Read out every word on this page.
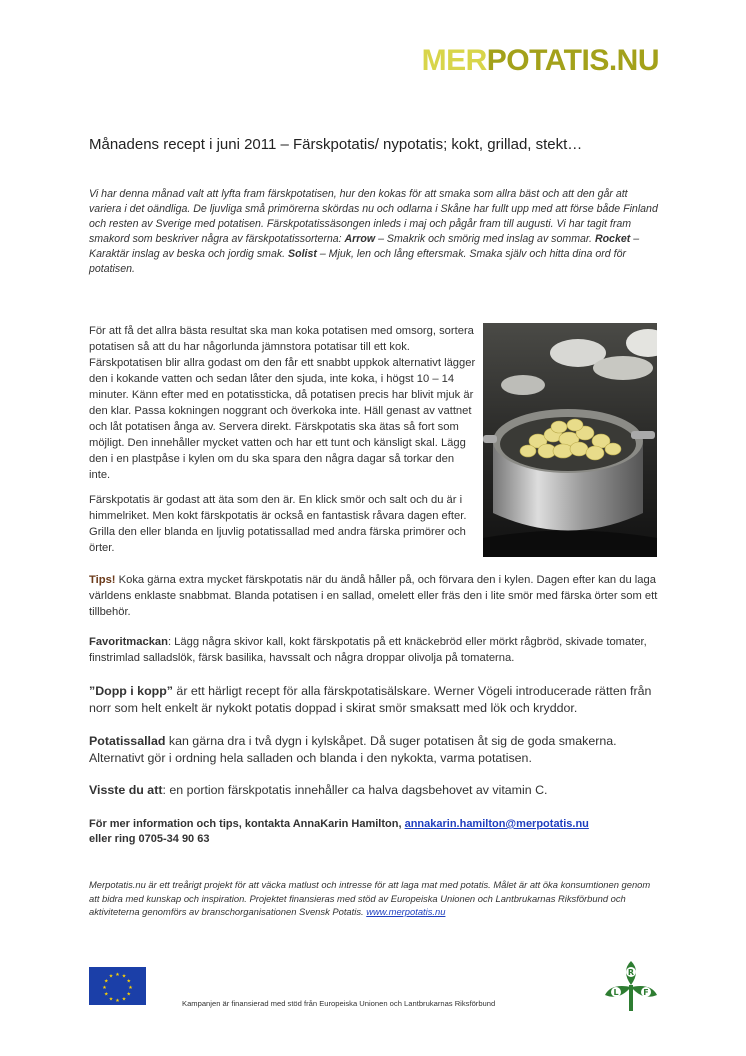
MERPOTATIS.NU
Månadens recept i juni 2011 – Färskpotatis/ nypotatis; kokt, grillad, stekt…

Vi har denna månad valt att lyfta fram färskpotatisen, hur den kokas för att smaka som allra bäst och att den går att variera i det oändliga. De ljuvliga små primörerna skördas nu och odlarna i Skåne har fullt upp med att förse både Finland och resten av Sverige med potatisen. Färskpotatissäsongen inleds i maj och pågår fram till augusti. Vi har tagit fram smakord som beskriver några av färskpotatissorterna: Arrow – Smakrik och smörig med inslag av sommar. Rocket – Karaktär inslag av beska och jordig smak. Solist – Mjuk, len och lång eftersmak. Smaka själv och hitta dina ord för potatisen.

För att få det allra bästa resultat ska man koka potatisen med omsorg, sortera potatisen så att du har någorlunda jämnstora potatisar till ett kok. Färskpotatisen blir allra godast om den får ett snabbt uppkok alternativt lägger den i kokande vatten och sedan låter den sjuda, inte koka, i högst 10 – 14 minuter. Känn efter med en potatissticka, då potatisen precis har blivit mjuk är den klar. Passa kokningen noggrant och överkoka inte. Häll genast av vattnet och låt potatisen ånga av. Servera direkt. Färskpotatis ska ätas så fort som möjligt. Den innehåller mycket vatten och har ett tunt och känsligt skal. Lägg den i en plastpåse i kylen om du ska spara den några dagar så torkar den inte.

Färskpotatis är godast att äta som den är. En klick smör och salt och du är i himmelriket. Men kokt färskpotatis är också en fantastisk råvara dagen efter. Grilla den eller blanda en ljuvlig potatissallad med andra färska primörer och örter.

Tips! Koka gärna extra mycket färskpotatis när du ändå håller på, och förvara den i kylen. Dagen efter kan du laga världens enklaste snabbmat. Blanda potatisen i en sallad, omelett eller fräs den i lite smör med färska örter som ett tillbehör.

Favoritmackan: Lägg några skivor kall, kokt färskpotatis på ett knäckebröd eller mörkt rågbröd, skivade tomater, finstrimlad salladslök, färsk basilika, havssalt och några droppar olivolja på tomaterna.

”Dopp i kopp” är ett härligt recept för alla färskpotatisälskare. Werner Vögeli introducerade rätten från norr som helt enkelt är nykokt potatis doppad i skirat smör smaksatt med lök och kryddor.

Potatissallad kan gärna dra i två dygn i kylskåpet. Då suger potatisen åt sig de goda smakerna. Alternativt gör i ordning hela salladen och blanda i den nykokta, varma potatisen.

Visste du att: en portion färskpotatis innehåller ca halva dagsbehovet av vitamin C.

För mer information och tips, kontakta AnnaKarin Hamilton, annakarin.hamilton@merpotatis.nu
eller ring 0705-34 90 63

Merpotatis.nu är ett treårigt projekt för att väcka matlust och intresse för att laga mat med potatis. Målet är att öka konsumtionen genom att bidra med kunskap och inspiration. Projektet finansieras med stöd av Europeiska Unionen och Lantbrukarnas Riksförbund och aktiviteterna genomförs av branschorganisationen Svensk Potatis. www.merpotatis.nu

★ ★
★
★
★
★
★
★
★
★
★
★
Kampanjen är finansierad med stöd från Europeiska Unionen och Lantbrukarnas Riksförbund
L
R
F
